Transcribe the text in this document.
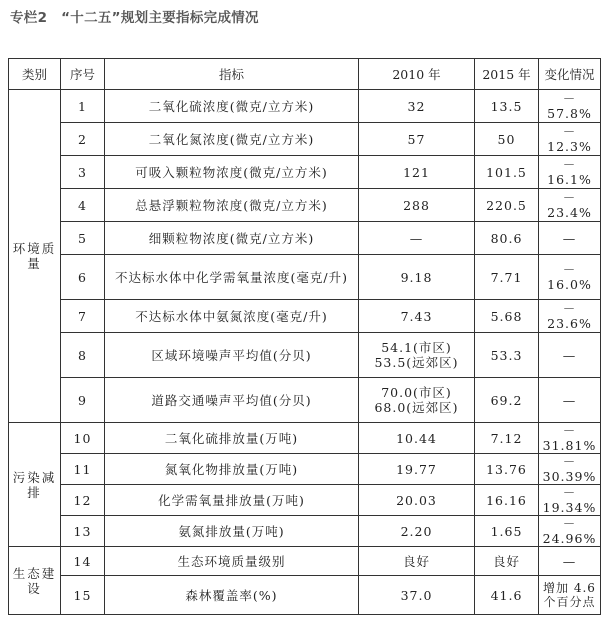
专栏2　“十二五”规划主要指标完成情况
类别	序号	指标	2010 年	2015 年	变化情况
环境质量	1	二氧化硫浓度(微克/立方米)	32	13.5	－57.8%
	2	二氧化氮浓度(微克/立方米)	57	50	－12.3%
	3	可吸入颗粒物浓度(微克/立方米)	121	101.5	－16.1%
	4	总悬浮颗粒物浓度(微克/立方米)	288	220.5	－23.4%
	5	细颗粒物浓度(微克/立方米)	—	80.6	—
	6	不达标水体中化学需氧量浓度(毫克/升)	9.18	7.71	－16.0%
	7	不达标水体中氨氮浓度(毫克/升)	7.43	5.68	－23.6%
	8	区域环境噪声平均值(分贝)	54.1(市区)
53.5(远郊区)	53.3	—
	9	道路交通噪声平均值(分贝)	70.0(市区)
68.0(远郊区)	69.2	—
污染减排	10	二氧化硫排放量(万吨)	10.44	7.12	－31.81%
	11	氮氧化物排放量(万吨)	19.77	13.76	－30.39%
	12	化学需氧量排放量(万吨)	20.03	16.16	－19.34%
	13	氨氮排放量(万吨)	2.20	1.65	－24.96%
生态建设	14	生态环境质量级别	良好	良好	—
	15	森林覆盖率(%)	37.0	41.6	增加 4.6 个百分点
